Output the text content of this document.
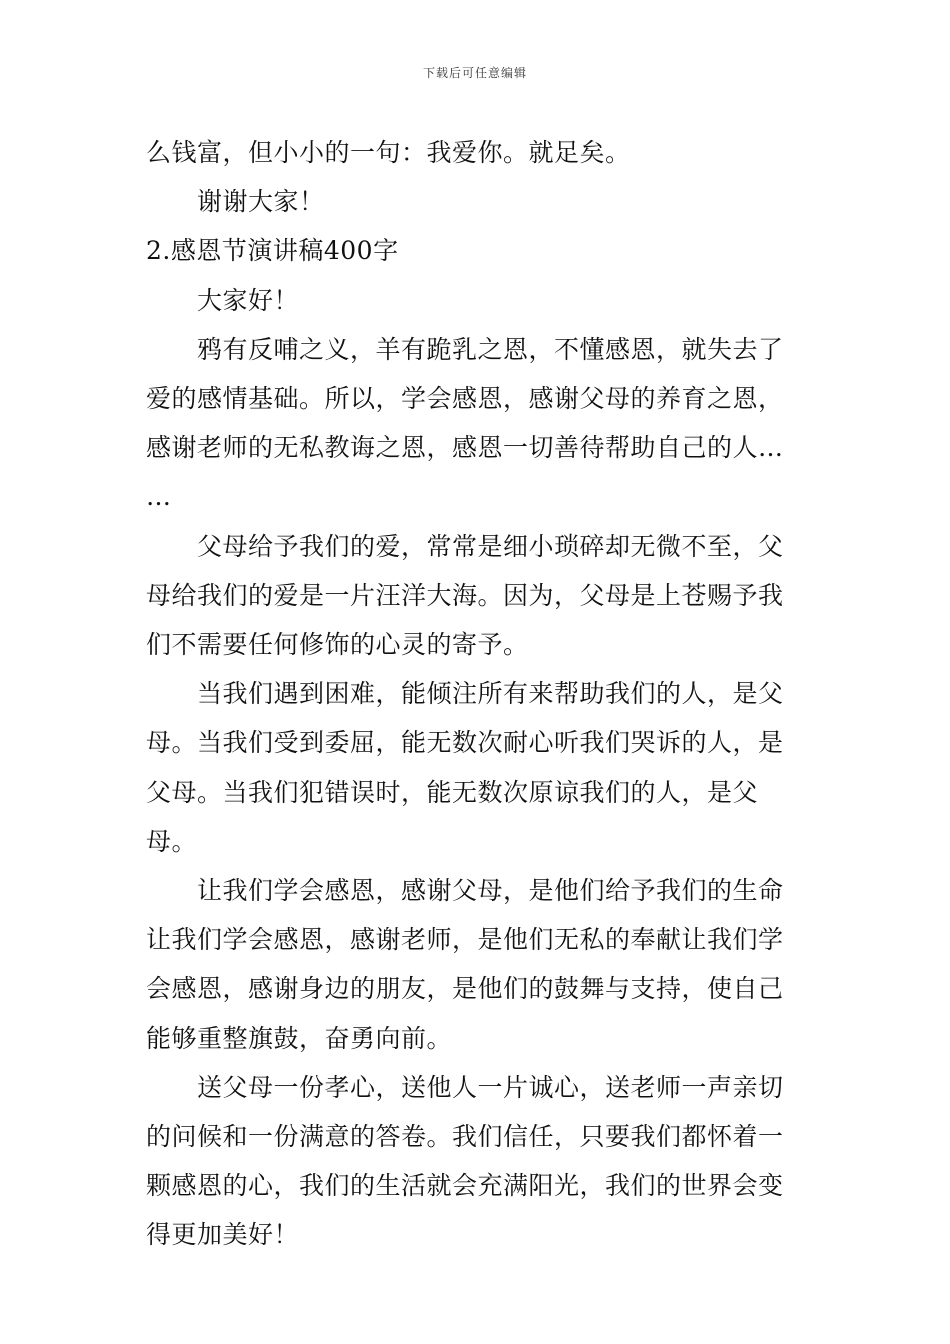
下载后可任意编辑

么钱富，但小小的一句：我爱你。就足矣。

谢谢大家！

2.感恩节演讲稿400字

大家好！

鸦有反哺之义，羊有跪乳之恩，不懂感恩，就失去了爱的感情基础。所以，学会感恩，感谢父母的养育之恩，感谢老师的无私教诲之恩，感恩一切善待帮助自己的人…

…

父母给予我们的爱，常常是细小琐碎却无微不至，父母给我们的爱是一片汪洋大海。因为，父母是上苍赐予我们不需要任何修饰的心灵的寄予。

当我们遇到困难，能倾注所有来帮助我们的人，是父母。当我们受到委屈，能无数次耐心听我们哭诉的人，是父母。当我们犯错误时，能无数次原谅我们的人，是父母。

让我们学会感恩，感谢父母，是他们给予我们的生命让我们学会感恩，感谢老师，是他们无私的奉献让我们学会感恩，感谢身边的朋友，是他们的鼓舞与支持，使自己能够重整旗鼓，奋勇向前。

送父母一份孝心，送他人一片诚心，送老师一声亲切的问候和一份满意的答卷。我们信任，只要我们都怀着一颗感恩的心，我们的生活就会充满阳光，我们的世界会变得更加美好！
